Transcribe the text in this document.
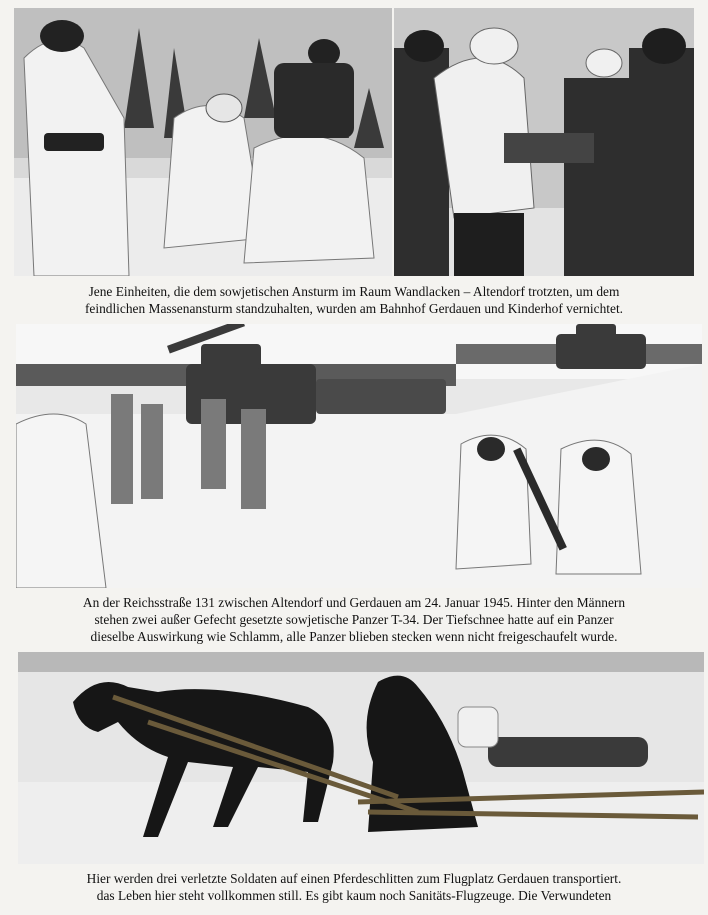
Jene Einheiten, die dem sowjetischen Ansturm im Raum Wandlacken – Altendorf trotzten, um dem
feindlichen Massenansturm standzuhalten, wurden am Bahnhof Gerdauen und Kinderhof vernichtet.
An der Reichsstraße 131 zwischen Altendorf und Gerdauen am 24. Januar 1945. Hinter den Männern
stehen zwei außer Gefecht gesetzte sowjetische Panzer T-34. Der Tiefschnee hatte auf ein Panzer
dieselbe Auswirkung wie Schlamm, alle Panzer blieben stecken wenn nicht freigeschaufelt wurde.
Hier werden drei verletzte Soldaten auf einen Pferdeschlitten zum Flugplatz Gerdauen transportiert.
das Leben hier steht vollkommen still. Es gibt kaum noch Sanitäts-Flugzeuge. Die Verwundeten
